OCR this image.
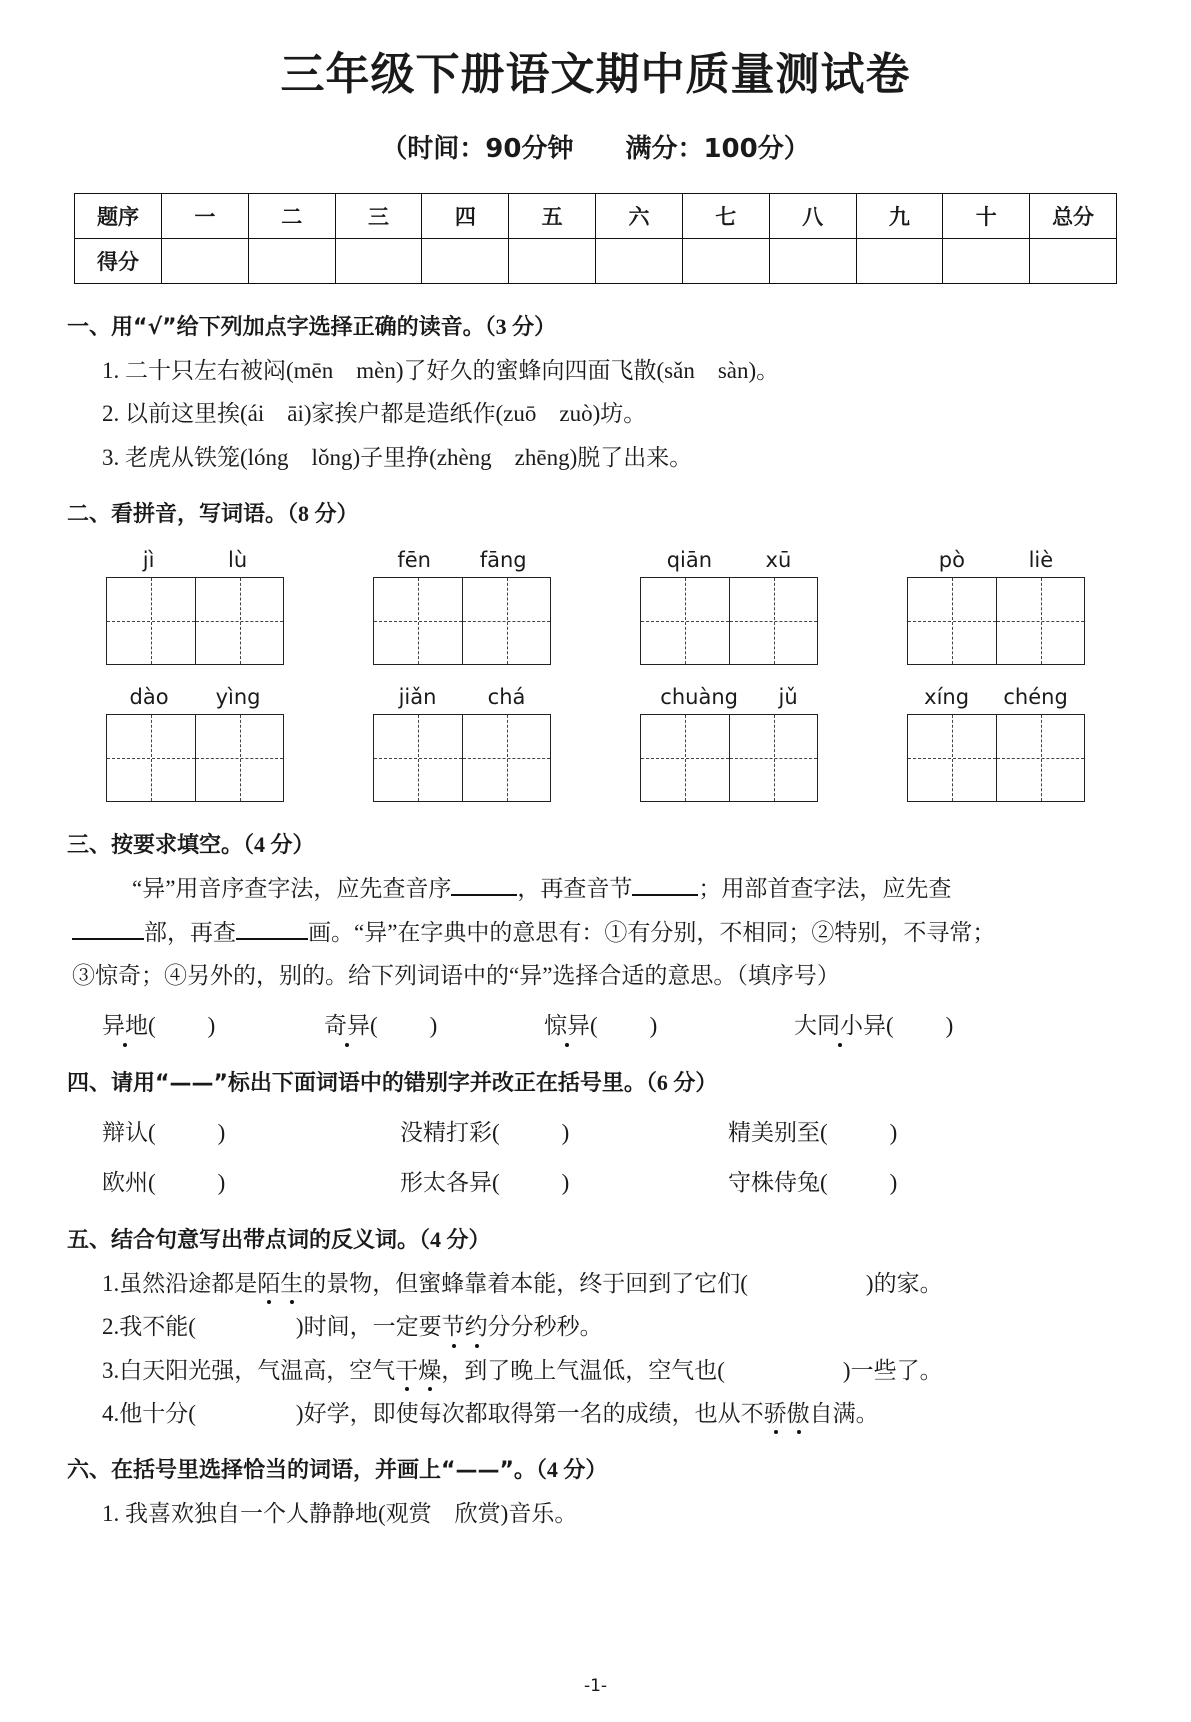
三年级下册语文期中质量测试卷
（时间：90分钟 满分：100分）
题序	一	二	三	四	五	六	七	八	九	十	总分
得分											
一、用“√”给下列加点字选择正确的读音。（3 分）
1. 二十只左右被闷(mēn　mèn)了好久的蜜蜂向四面飞散(sǎn　sàn)。
2. 以前这里挨(ái　āi)家挨户都是造纸作(zuō　zuò)坊。
3. 老虎从铁笼(lóng　lǒng)子里挣(zhèng　zhēng)脱了出来。
二、看拼音，写词语。（8 分）
jì	lù	fēn fāng	qiān	xū	pò	liè
dào yìng	jiǎn chá	chuàng jǔ	xíng chéng
三、按要求填空。（4 分）
“异”用音序查字法，应先查音序	，再查音节	；用部首查字法，应先查
部，再查	画。“异”在字典中的意思有：①有分别，不相同；②特别，不寻常；
③惊奇；④另外的，别的。给下列词语中的“异”选择合适的意思。（填序号）
异地( )	奇异( )	惊异( )	大同小异( )
四、请用“——”标出下面词语中的错别字并改正在括号里。（6 分）
辩认(	)	没精打彩(	)	精美别至(	)
欧州(	)	形太各异(	)	守株侍兔(	)
五、结合句意写出带点词的反义词。（4 分）
1.虽然沿途都是陌生的景物，但蜜蜂靠着本能，终于回到了它们(	)的家。
2.我不能(	)时间，一定要节约分分秒秒。
3.白天阳光强，气温高，空气干燥，到了晚上气温低，空气也(	)一些了。
4.他十分(	)好学，即使每次都取得第一名的成绩，也从不骄傲自满。
六、在括号里选择恰当的词语，并画上“——”。（4 分）
1. 我喜欢独自一个人静静地(观赏　欣赏)音乐。
-1-
